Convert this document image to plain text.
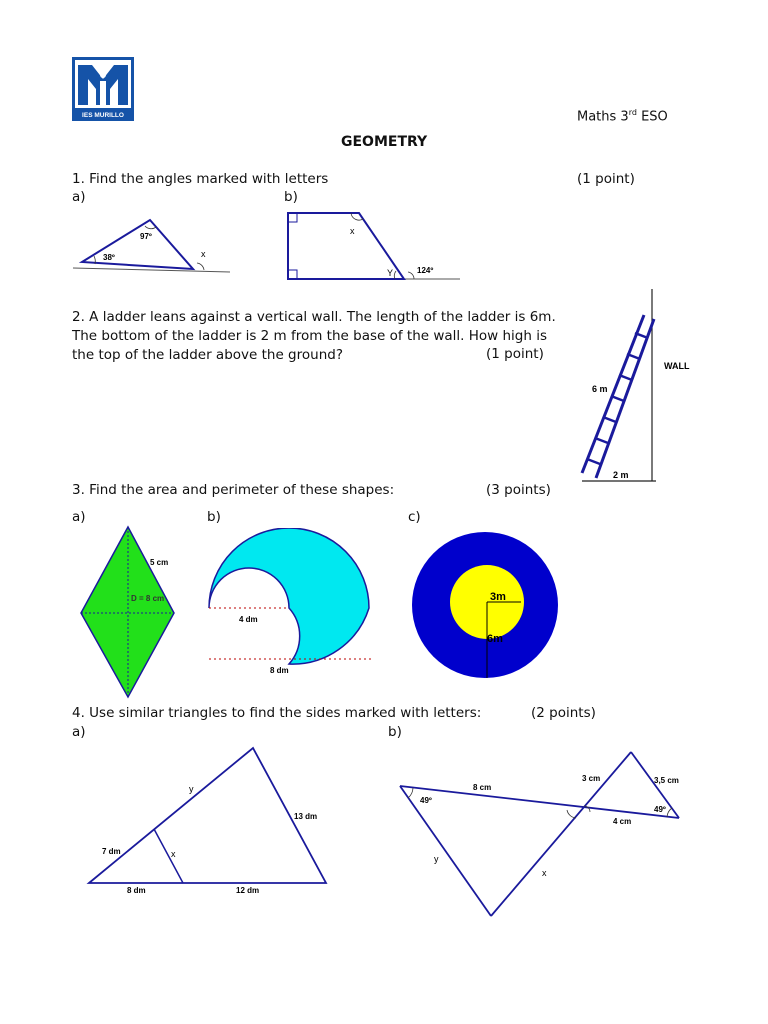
IES MURILLO	Maths 3rd ESO
GEOMETRY
1. Find the angles marked with letters	(1 point)
a)	b)
97º
38º	x
x
Y	124º
2. A ladder leans against a vertical wall. The length of the ladder is 6m.
The bottom of the ladder is 2 m from the base of the wall. How high is
the top of the ladder above the ground?	(1 point)
WALL
6 m
2 m
3. Find the area and perimeter of these shapes:	(3 points)
a)	b)	c)
5 cm
D = 8 cm
4 dm
8 dm
3m
6m
4. Use similar triangles to find the sides marked with letters:	(2 points)
a)	b)
y
13 dm
7 dm	x
8 dm	12 dm
8 cm
3 cm	3,5 cm
49º
49º
4 cm
y
x
